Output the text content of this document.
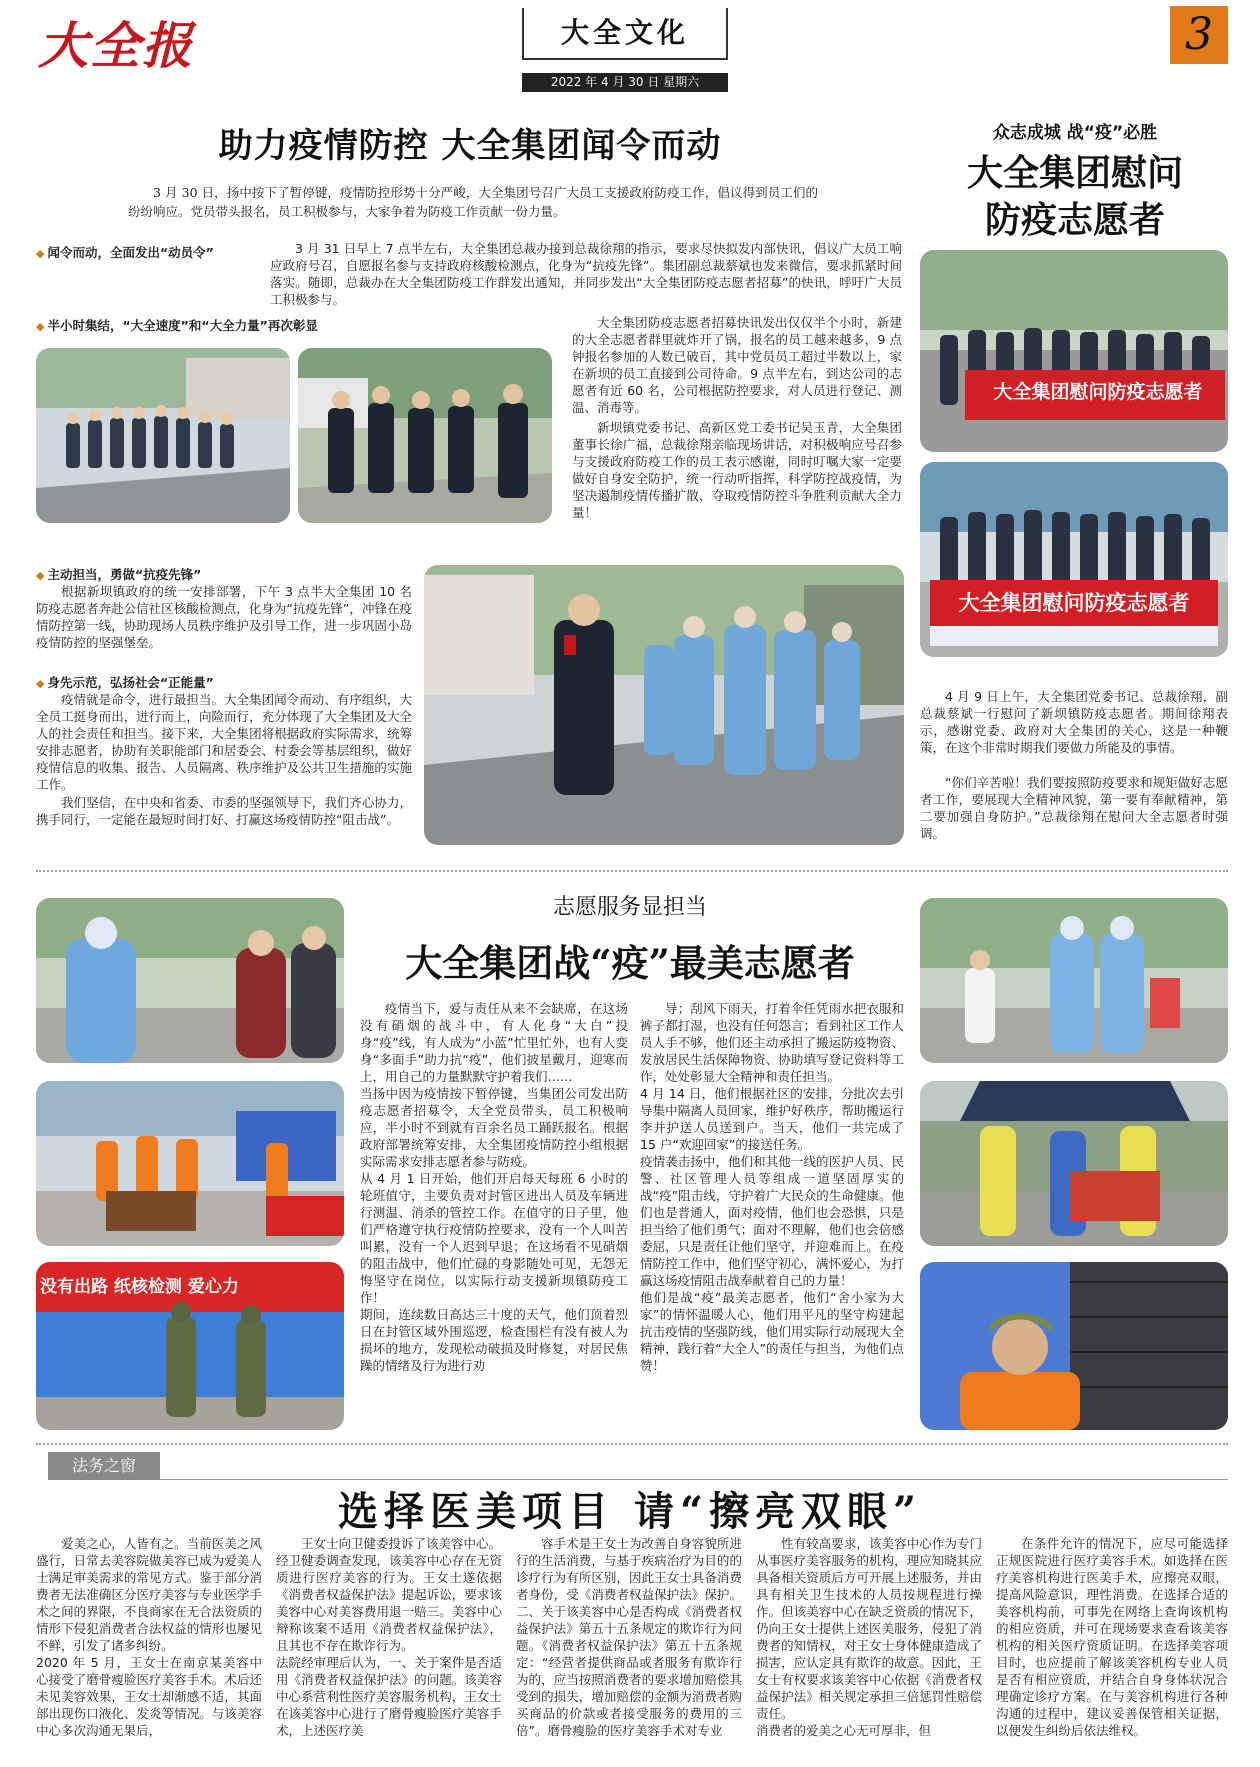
大全报	大全文化
2022 年 4 月 30 日 星期六
3
助力疫情防控 大全集团闻令而动
3 月 30 日，扬中按下了暂停键，疫情防控形势十分严峻，大全集团号召广大员工支援政府防疫工作，倡议得到员工们的纷纷响应。党员带头报名，员工积极参与，大家争着为防疫工作贡献一份力量。
◆ 闻令而动，全面发出“动员令”	3 月 31 日早上 7 点半左右，大全集团总裁办接到总裁徐翔的指示，要求尽快拟发内部快讯，倡议广大员工响应政府号召，自愿报名参与支持政府核酸检测点，化身为“抗疫先锋”。集团副总裁蔡斌也发来微信，要求抓紧时间落实。随即，总裁办在大全集团防疫工作群发出通知，并同步发出“大全集团防疫志愿者招募”的快讯，呼吁广大员工积极参与。
◆ 半小时集结，“大全速度”和“大全力量”再次彰显	大全集团防疫志愿者招募快讯发出仅仅半个小时，新建的大全志愿者群里就炸开了锅，报名的员工越来越多，9 点钟报名参加的人数已破百，其中党员员工超过半数以上，家在新坝的员工直接到公司待命。9 点半左右，到达公司的志愿者有近 60 名，公司根据防控要求，对人员进行登记、测温、消毒等。
新坝镇党委书记、高新区党工委书记吴玉青，大全集团董事长徐广福，总裁徐翔亲临现场讲话，对积极响应号召参与支援政府防疫工作的员工表示感谢，同时叮嘱大家一定要做好自身安全防护，统一行动听指挥，科学防控战疫情，为坚决遏制疫情传播扩散，夺取疫情防控斗争胜利贡献大全力量！
◆ 主动担当，勇做“抗疫先锋”
根据新坝镇政府的统一安排部署，下午 3 点半大全集团 10 名防疫志愿者奔赴公信社区核酸检测点，化身为“抗疫先锋”，冲锋在疫情防控第一线，协助现场人员秩序维护及引导工作，进一步巩固小岛疫情防控的坚强堡垒。
◆ 身先示范，弘扬社会“正能量”
疫情就是命令，进行最担当。大全集团闻令而动、有序组织，大全员工挺身而出，迸行而上，向险而行，充分体现了大全集团及大全人的社会责任和担当。接下来，大全集团将根据政府实际需求，统筹安排志愿者，协助有关职能部门和居委会、村委会等基层组织，做好疫情信息的收集、报告、人员隔离、秩序维护及公共卫生措施的实施工作。
我们坚信，在中央和省委、市委的坚强领导下，我们齐心协力，携手同行，一定能在最短时间打好、打赢这场疫情防控“阻击战”。
众志成城 战“疫”必胜
大全集团慰问
防疫志愿者
大全集团慰问防疫志愿者
大全集团慰问防疫志愿者
4 月 9 日上午，大全集团党委书记、总裁徐翔，副总裁蔡斌一行慰问了新坝镇防疫志愿者。期间徐翔表示，感谢党委、政府对大全集团的关心，这是一种鞭策，在这个非常时期我们要做力所能及的事情。
“你们辛苦啦！我们要按照防疫要求和规矩做好志愿者工作，要展现大全精神风貌，第一要有奉献精神，第二要加强自身防护。”总裁徐翔在慰问大全志愿者时强调。
志愿服务显担当
大全集团战“疫”最美志愿者
没有出路 纸核检测 爱心力
疫情当下，爱与责任从来不会缺席，在这场没有硝烟的战斗中，有人化身“大白”投身“疫”线，有人成为“小蓝”忙里忙外，也有人变身“多面手”助力抗“疫”，他们披星戴月，迎寒而上，用自己的力量默默守护着我们……
当扬中因为疫情按下暂停键，当集团公司发出防疫志愿者招募令，大全党员带头，员工积极响应，半小时不到就有百余名员工踊跃报名。根据政府部署统筹安排，大全集团疫情防控小组根据实际需求安排志愿者参与防疫。
从 4 月 1 日开始，他们开启每天每班 6 小时的轮班值守，主要负责对封管区进出人员及车辆进行测温、消杀的管控工作。在值守的日子里，他们严格遵守执行疫情防控要求，没有一个人叫苦叫累，没有一个人迟到早退；在这场看不见硝烟的阻击战中，他们忙碌的身影随处可见，无怨无悔坚守在岗位，以实际行动支援新坝镇防疫工作！
期间，连续数日高达三十度的天气，他们顶着烈日在封管区域外围巡逻，检查围栏有没有被人为损坏的地方，发现松动破损及时修复，对居民焦躁的情绪及行为进行劝
导；刮风下雨天，打着伞任凭雨水把衣服和裤子都打湿，也没有任何怨言；看到社区工作人员人手不够，他们还主动承担了搬运防疫物资、发放居民生活保障物资、协助填写登记资料等工作，处处彰显大全精神和责任担当。
4 月 14 日，他们根据社区的安排，分批次去引导集中隔离人员回家，维护好秩序，帮助搬运行李并护送人员送到户。当天，他们一共完成了 15 户“欢迎回家”的接送任务。
疫情袭击扬中，他们和其他一线的医护人员、民警、社区管理人员等组成一道坚固厚实的战“疫”阻击线，守护着广大民众的生命健康。他们也是普通人，面对疫情，他们也会恐惧，只是担当给了他们勇气；面对不理解，他们也会倍感委屈，只是责任让他们坚守，并迎难而上。在疫情防控工作中，他们坚守初心，满怀爱心，为打赢这场疫情阻击战奉献着自己的力量！
他们是战“疫”最美志愿者，他们“舍小家为大家”的情怀温暖人心，他们用平凡的坚守构建起抗击疫情的坚强防线，他们用实际行动展现大全精神，践行着“大全人”的责任与担当，为他们点赞！
法务之窗
选择医美项目 请“擦亮双眼”
爱美之心，人皆有之。当前医美之风盛行，日常去美容院做美容已成为爱美人士满足审美需求的常见方式。鉴于部分消费者无法准确区分医疗美容与专业医学手术之间的界限，不良商家在无合法资质的情形下侵犯消费者合法权益的情形也屡见不鲜，引发了诸多纠纷。
2020 年 5 月，王女士在南京某美容中心接受了磨骨瘦脸医疗美容手术。术后还未见美容效果，王女士却渐感不适，其面部出现伤口液化、发炎等情况。与该美容中心多次沟通无果后，
王女士向卫健委投诉了该美容中心。
经卫健委调查发现，该美容中心存在无资质进行医疗美容的行为。王女士遂依据《消费者权益保护法》提起诉讼，要求该美容中心对美容费用退一赔三。美容中心辩称该案不适用《消费者权益保护法》，且其也不存在欺诈行为。
法院经审理后认为，一、关于案件是否适用《消费者权益保护法》的问题。该美容中心系营利性医疗美容服务机构，王女士在该美容中心进行了磨骨瘦脸医疗美容手术，上述医疗美
容手术是王女士为改善自身容貌所进行的生活消费，与基于疾病治疗为目的的诊疗行为有所区别，因此王女士具备消费者身份，受《消费者权益保护法》保护。二、关于该美容中心是否构成《消费者权益保护法》第五十五条规定的欺诈行为问题。《消费者权益保护法》第五十五条规定：“经营者提供商品或者服务有欺诈行为的，应当按照消费者的要求增加赔偿其受到的损失，增加赔偿的金额为消费者购买商品的价款或者接受服务的费用的三倍”。磨骨瘦脸的医疗美容手术对专业
性有较高要求，该美容中心作为专门从事医疗美容服务的机构，理应知晓其应具备相关资质后方可开展上述服务，并由具有相关卫生技术的人员按规程进行操作。但该美容中心在缺乏资质的情况下，仍向王女士提供上述医美服务，侵犯了消费者的知情权，对王女士身体健康造成了损害，应认定具有欺诈的故意。因此，王女士有权要求该美容中心依据《消费者权益保护法》相关规定承担三倍惩罚性赔偿责任。
消费者的爱美之心无可厚非，但
在条件允许的情况下，应尽可能选择正规医院进行医疗美容手术。如选择在医疗美容机构进行医美手术，应擦亮双眼，提高风险意识，理性消费。在选择合适的美容机构前，可事先在网络上查询该机构的相应资质，并可在现场要求查看该美容机构的相关医疗资质证明。在选择美容项目时，也应提前了解该美容机构专业人员是否有相应资质，并结合自身身体状况合理确定诊疗方案。在与美容机构进行各种沟通的过程中，建议妥善保管相关证据，以便发生纠纷后依法维权。
